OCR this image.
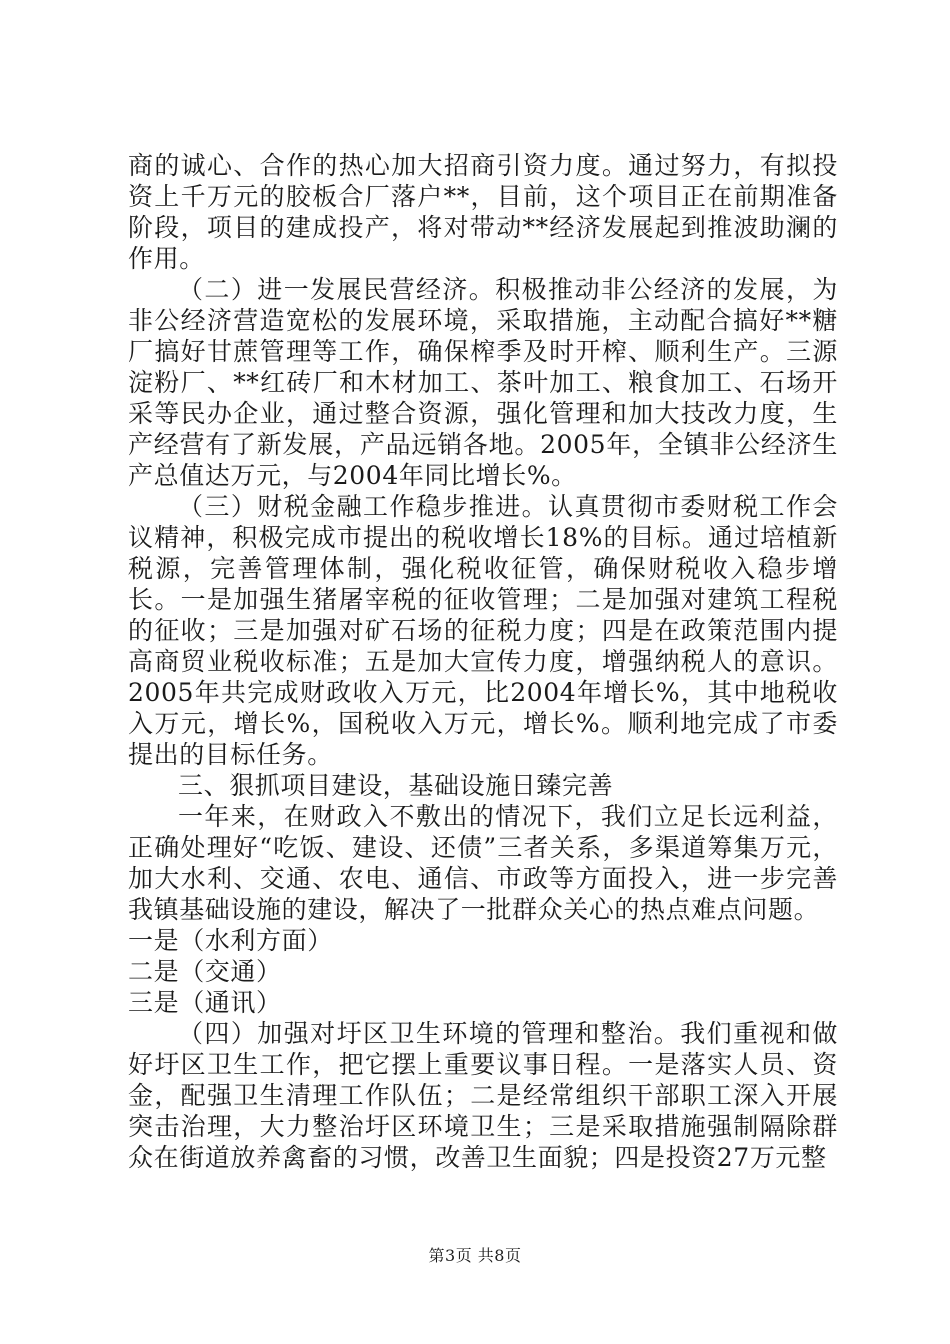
商的诚心、合作的热心加大招商引资力度。通过努力，有拟投资上千万元的胶板合厂落户**，目前，这个项目正在前期准备阶段，项目的建成投产，将对带动**经济发展起到推波助澜的作用。

（二）进一发展民营经济。积极推动非公经济的发展，为非公经济营造宽松的发展环境，采取措施，主动配合搞好**糖厂搞好甘蔗管理等工作，确保榨季及时开榨、顺利生产。三源淀粉厂、**红砖厂和木材加工、茶叶加工、粮食加工、石场开采等民办企业，通过整合资源，强化管理和加大技改力度，生产经营有了新发展，产品远销各地。2005年，全镇非公经济生产总值达万元，与2004年同比增长%。

（三）财税金融工作稳步推进。认真贯彻市委财税工作会议精神，积极完成市提出的税收增长18%的目标。通过培植新税源，完善管理体制，强化税收征管，确保财税收入稳步增长。一是加强生猪屠宰税的征收管理；二是加强对建筑工程税的征收；三是加强对矿石场的征税力度；四是在政策范围内提高商贸业税收标准；五是加大宣传力度，增强纳税人的意识。2005年共完成财政收入万元，比2004年增长%，其中地税收入万元，增长%，国税收入万元，增长%。顺利地完成了市委提出的目标任务。

三、狠抓项目建设，基础设施日臻完善

一年来，在财政入不敷出的情况下，我们立足长远利益，正确处理好“吃饭、建设、还债”三者关系，多渠道筹集万元，加大水利、交通、农电、通信、市政等方面投入，进一步完善我镇基础设施的建设，解决了一批群众关心的热点难点问题。

一是（水利方面）

二是（交通）

三是（通讯）

（四）加强对圩区卫生环境的管理和整治。我们重视和做好圩区卫生工作，把它摆上重要议事日程。一是落实人员、资金，配强卫生清理工作队伍；二是经常组织干部职工深入开展突击治理，大力整治圩区环境卫生；三是采取措施强制隔除群众在街道放养禽畜的习惯，改善卫生面貌；四是投资27万元整

第3页 共8页
